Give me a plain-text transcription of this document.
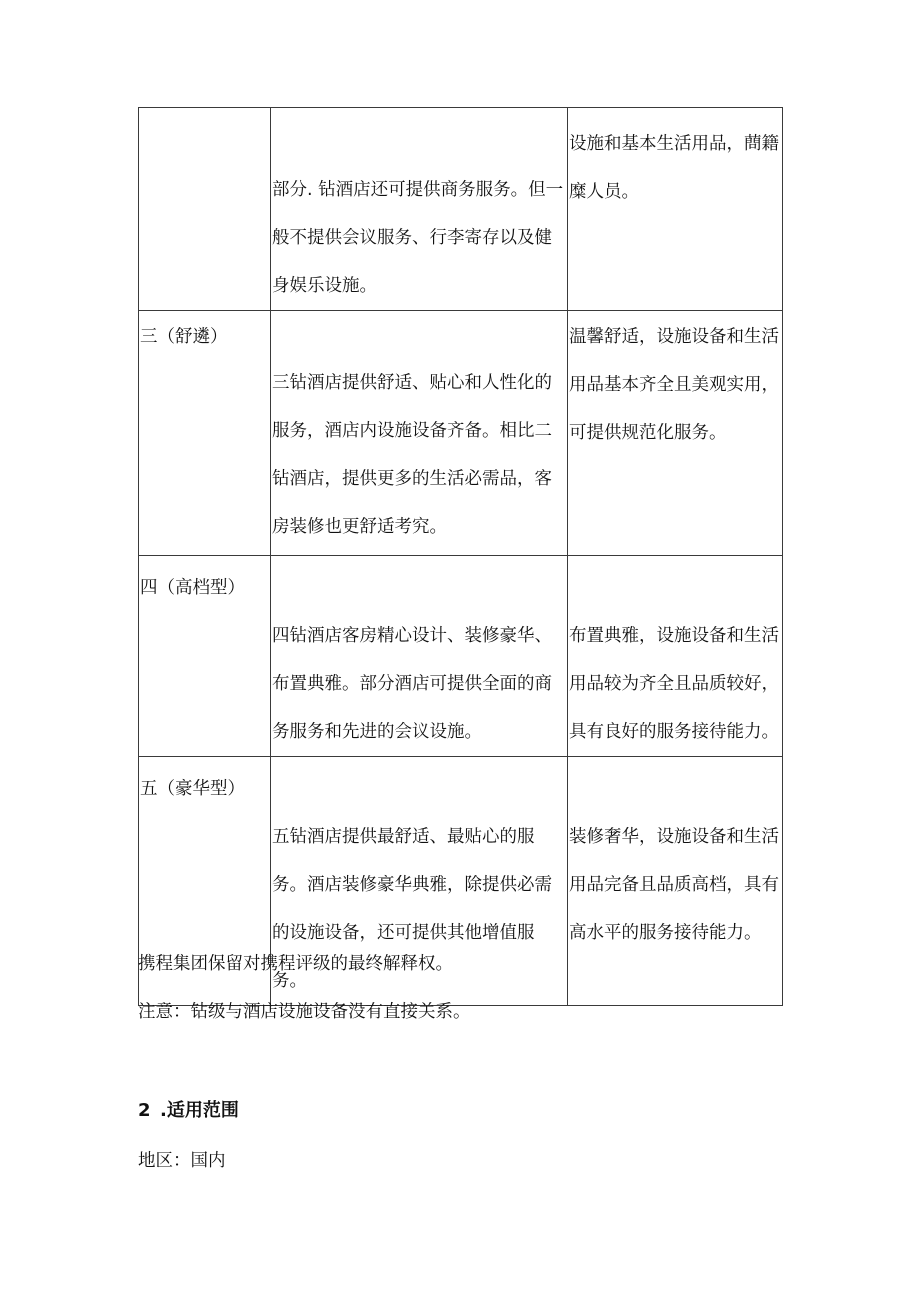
	部分. 钻酒店还可提供商务服务。但一般不提供会议服务、行李寄存以及健身娱乐设施。	设施和基本生活用品，蔄籍糜人员。

三（舒遴）	三钻酒店提供舒适、贴心和人性化的服务，酒店内设施设备齐备。相比二钻酒店，提供更多的生活必需品，客房装修也更舒适考究。	温馨舒适，设施设备和生活用品基本齐全且美观实用，可提供规范化服务。

四（高档型）	四钻酒店客房精心设计、装修豪华、布置典雅。部分酒店可提供全面的商务服务和先进的会议设施。	布置典雅，设施设备和生活用品较为齐全且品质较好，具有良好的服务接待能力。

五（豪华型）	五钻酒店提供最舒适、最贴心的服务。酒店装修豪华典雅，除提供必需的设施设备，还可提供其他增值服务。	装修奢华，设施设备和生活用品完备且品质高档，具有高水平的服务接待能力。
携程集团保留对携程评级的最终解释权。
注意：钻级与酒店设施设备没有直接关系。
2 .适用范围
地区：国内
